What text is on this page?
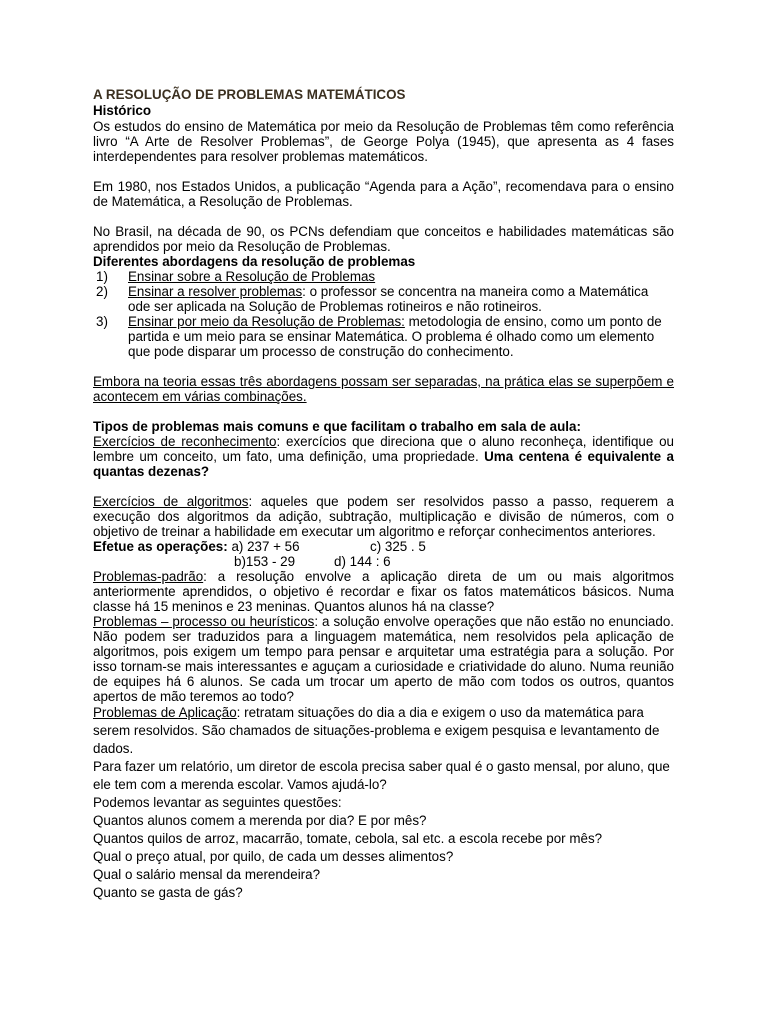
A RESOLUÇÃO DE PROBLEMAS MATEMÁTICOS
Histórico

Os estudos do ensino de Matemática por meio da Resolução de Problemas têm como referência livro “A Arte de Resolver Problemas”, de George Polya (1945), que apresenta as 4 fases interdependentes para resolver problemas matemáticos.

Em 1980, nos Estados Unidos, a publicação “Agenda para a Ação”, recomendava para o ensino de Matemática, a Resolução de Problemas.

No Brasil, na década de 90, os PCNs defendiam que conceitos e habilidades matemáticas são aprendidos por meio da Resolução de Problemas.

Diferentes abordagens da resolução de problemas
1) Ensinar sobre a Resolução de Problemas
2) Ensinar a resolver problemas: o professor se concentra na maneira como a Matemática ode ser aplicada na Solução de Problemas rotineiros e não rotineiros.
3) Ensinar por meio da Resolução de Problemas: metodologia de ensino, como um ponto de partida e um meio para se ensinar Matemática. O problema é olhado como um elemento que pode disparar um processo de construção do conhecimento.

Embora na teoria essas três abordagens possam ser separadas, na prática elas se superpõem e acontecem em várias combinações.

Tipos de problemas mais comuns e que facilitam o trabalho em sala de aula:

Exercícios de reconhecimento: exercícios que direciona que o aluno reconheça, identifique ou lembre um conceito, um fato, uma definição, uma propriedade. Uma centena é equivalente a quantas dezenas?

Exercícios de algoritmos: aqueles que podem ser resolvidos passo a passo, requerem a execução dos algoritmos da adição, subtração, multiplicação e divisão de números, com o objetivo de treinar a habilidade em executar um algoritmo e reforçar conhecimentos anteriores.

Efetue as operações: a) 237 + 56	c) 325 . 5
b)153 - 29	d) 144 : 6

Problemas-padrão: a resolução envolve a aplicação direta de um ou mais algoritmos anteriormente aprendidos, o objetivo é recordar e fixar os fatos matemáticos básicos. Numa classe há 15 meninos e 23 meninas. Quantos alunos há na classe?

Problemas – processo ou heurísticos: a solução envolve operações que não estão no enunciado. Não podem ser traduzidos para a linguagem matemática, nem resolvidos pela aplicação de algoritmos, pois exigem um tempo para pensar e arquitetar uma estratégia para a solução. Por isso tornam-se mais interessantes e aguçam a curiosidade e criatividade do aluno. Numa reunião de equipes há 6 alunos. Se cada um trocar um aperto de mão com todos os outros, quantos apertos de mão teremos ao todo?

Problemas de Aplicação: retratam situações do dia a dia e exigem o uso da matemática para serem resolvidos. São chamados de situações-problema e exigem pesquisa e levantamento de dados.

Para fazer um relatório, um diretor de escola precisa saber qual é o gasto mensal, por aluno, que ele tem com a merenda escolar. Vamos ajudá-lo?

Podemos levantar as seguintes questões:

Quantos alunos comem a merenda por dia? E por mês?

Quantos quilos de arroz, macarrão, tomate, cebola, sal etc. a escola recebe por mês?

Qual o preço atual, por quilo, de cada um desses alimentos?

Qual o salário mensal da merendeira?

Quanto se gasta de gás?
